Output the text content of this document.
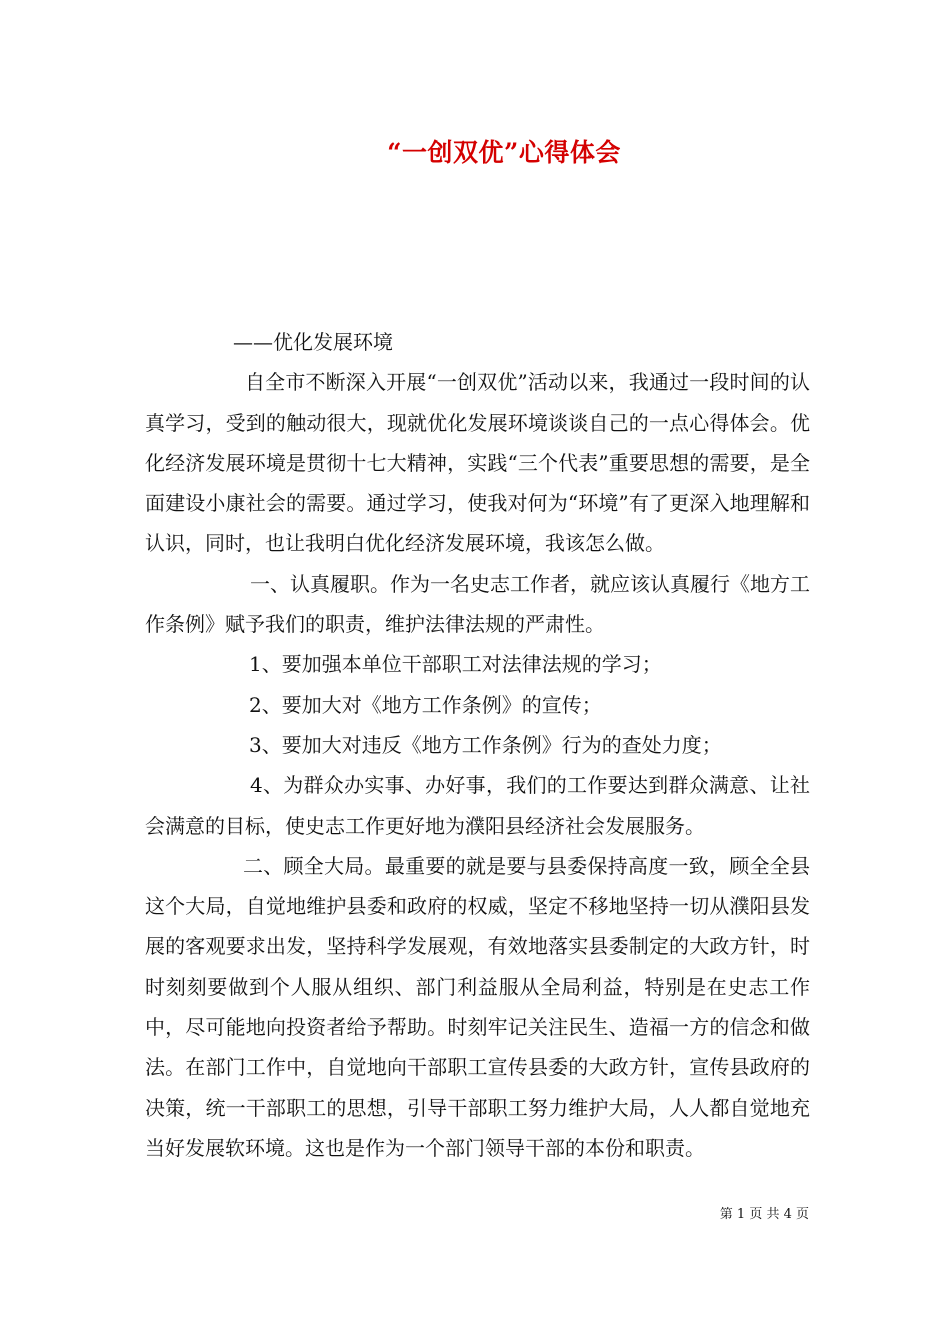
“一创双优”心得体会

——优化发展环境

自全市不断深入开展“一创双优”活动以来，我通过一段时间的认真学习，受到的触动很大，现就优化发展环境谈谈自己的一点心得体会。优化经济发展环境是贯彻十七大精神，实践“三个代表”重要思想的需要，是全面建设小康社会的需要。通过学习，使我对何为“环境”有了更深入地理解和认识，同时，也让我明白优化经济发展环境，我该怎么做。

一、认真履职。作为一名史志工作者，就应该认真履行《地方工作条例》赋予我们的职责，维护法律法规的严肃性。

1、要加强本单位干部职工对法律法规的学习；

2、要加大对《地方工作条例》的宣传；

3、要加大对违反《地方工作条例》行为的查处力度；

4、为群众办实事、办好事，我们的工作要达到群众满意、让社会满意的目标，使史志工作更好地为濮阳县经济社会发展服务。

二、顾全大局。最重要的就是要与县委保持高度一致，顾全全县这个大局，自觉地维护县委和政府的权威，坚定不移地坚持一切从濮阳县发展的客观要求出发，坚持科学发展观，有效地落实县委制定的大政方针，时时刻刻要做到个人服从组织、部门利益服从全局利益，特别是在史志工作中，尽可能地向投资者给予帮助。时刻牢记关注民生、造福一方的信念和做法。在部门工作中，自觉地向干部职工宣传县委的大政方针，宣传县政府的决策，统一干部职工的思想，引导干部职工努力维护大局，人人都自觉地充当好发展软环境。这也是作为一个部门领导干部的本份和职责。

第 1 页 共 4 页
